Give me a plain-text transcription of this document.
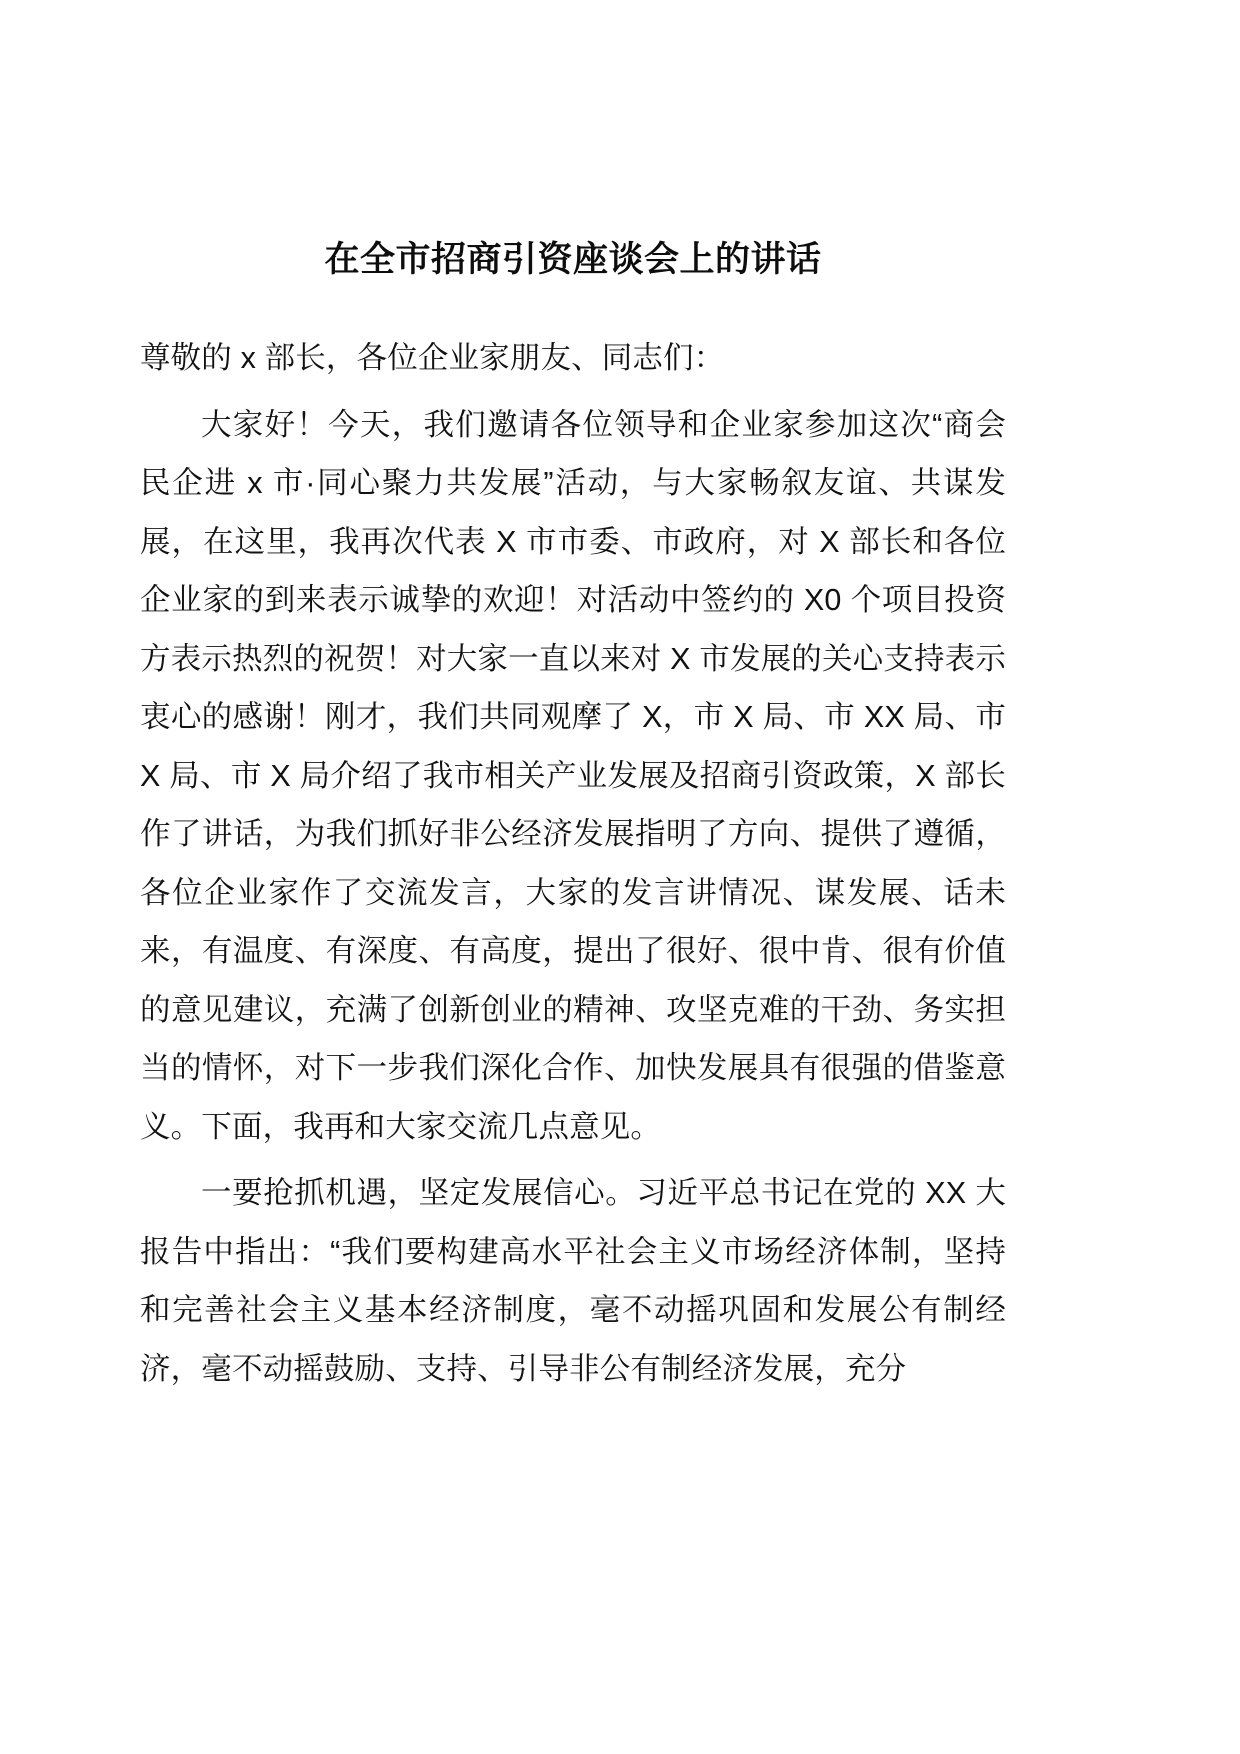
在全市招商引资座谈会上的讲话

尊敬的 x 部长，各位企业家朋友、同志们：

大家好！今天，我们邀请各位领导和企业家参加这次“商会民企进 x 市·同心聚力共发展”活动，与大家畅叙友谊、共谋发展，在这里，我再次代表 X 市市委、市政府，对 X 部长和各位企业家的到来表示诚挚的欢迎！对活动中签约的 X0 个项目投资方表示热烈的祝贺！对大家一直以来对 X 市发展的关心支持表示衷心的感谢！刚才，我们共同观摩了 X，市 X 局、市 XX 局、市 X 局、市 X 局介绍了我市相关产业发展及招商引资政策，X 部长作了讲话，为我们抓好非公经济发展指明了方向、提供了遵循，各位企业家作了交流发言，大家的发言讲情况、谋发展、话未来，有温度、有深度、有高度，提出了很好、很中肯、很有价值的意见建议，充满了创新创业的精神、攻坚克难的干劲、务实担当的情怀，对下一步我们深化合作、加快发展具有很强的借鉴意义。下面，我再和大家交流几点意见。

一要抢抓机遇，坚定发展信心。习近平总书记在党的 XX 大报告中指出：“我们要构建高水平社会主义市场经济体制，坚持和完善社会主义基本经济制度，毫不动摇巩固和发展公有制经济，毫不动摇鼓励、支持、引导非公有制经济发展，充分
